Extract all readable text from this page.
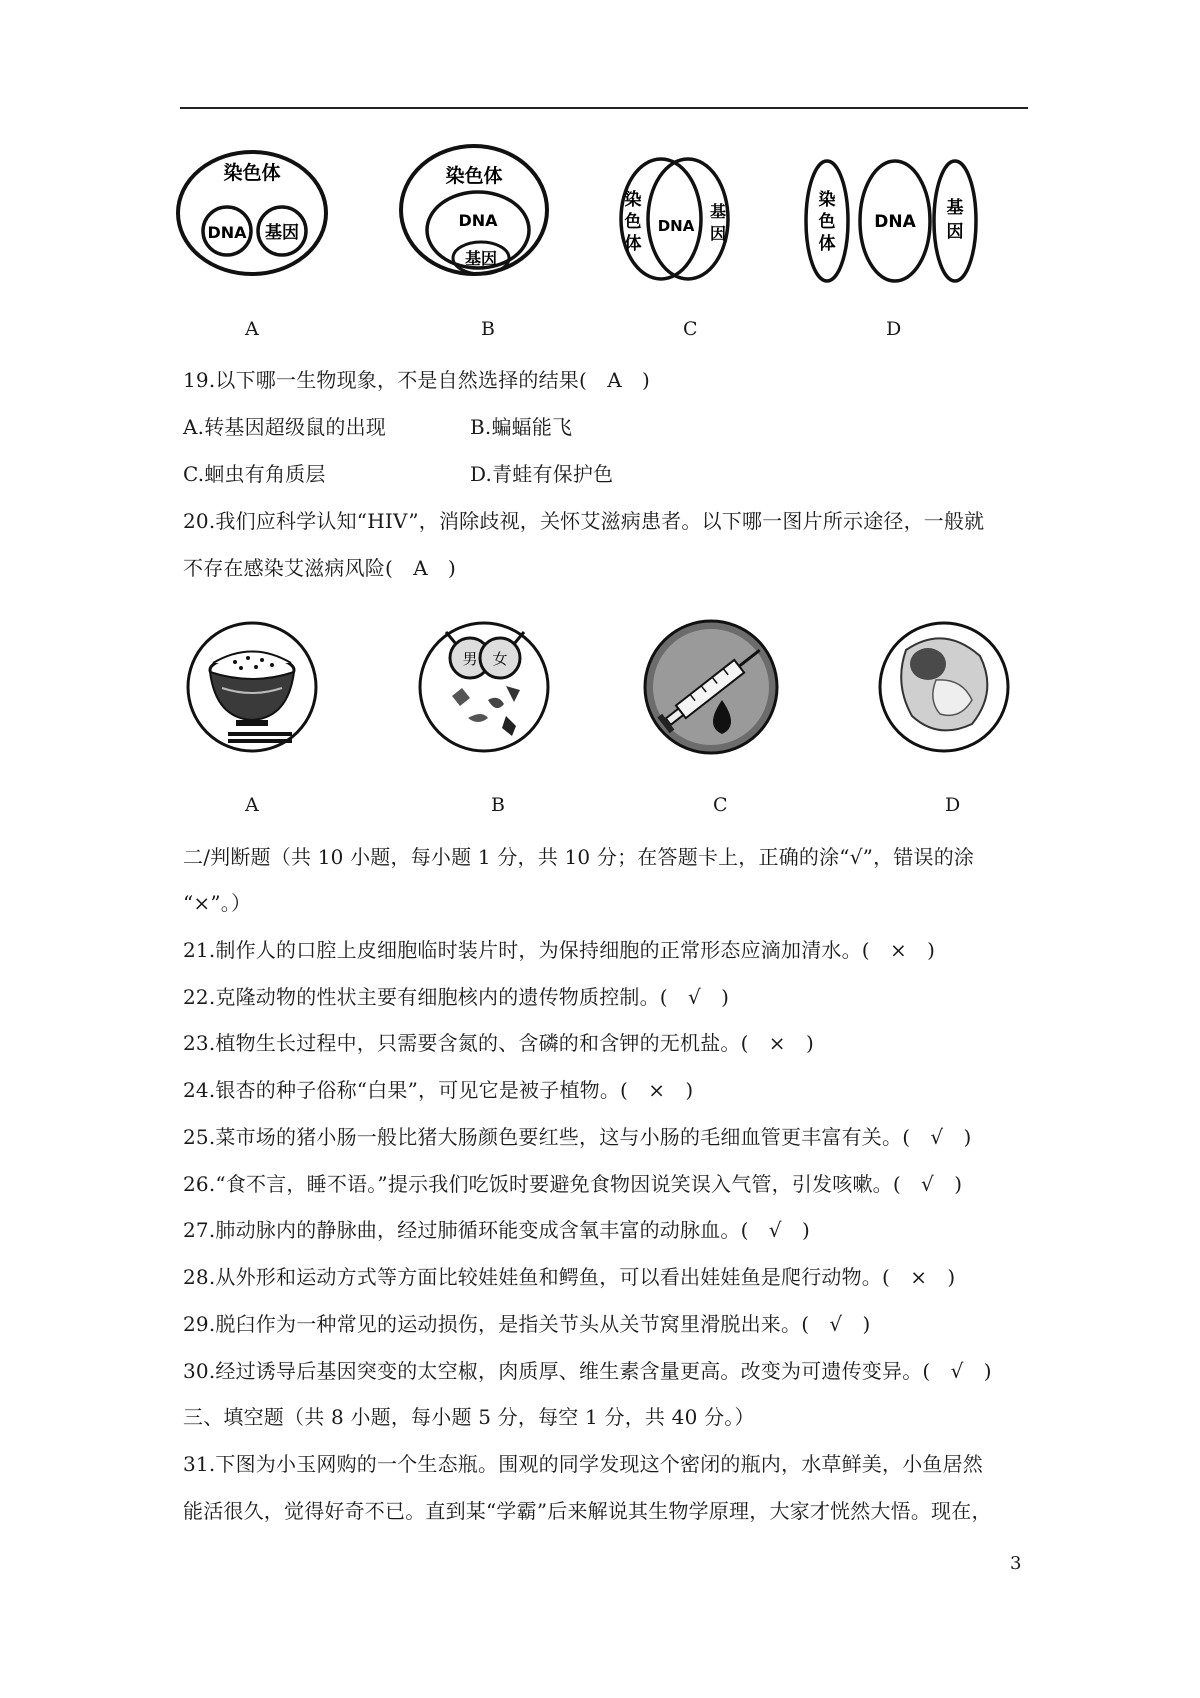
染色体
DNA 基因
染色体
DNA
基因
染
色
体
DNA
基
因
染
色
体
DNA
基
因
A	B	C	D
19.以下哪一生物现象，不是自然选择的结果(　A　)
A.转基因超级鼠的出现	B.蝙蝠能飞
C.蛔虫有角质层	D.青蛙有保护色
20.我们应科学认知“HIV”，消除歧视，关怀艾滋病患者。以下哪一图片所示途径，一般就
不存在感染艾滋病风险(　A　)
男 女
A	B	C	D
二/判断题（共 10 小题，每小题 1 分，共 10 分；在答题卡上，正确的涂“√”，错误的涂
“×”。）
21.制作人的口腔上皮细胞临时装片时，为保持细胞的正常形态应滴加清水。(　×　)
22.克隆动物的性状主要有细胞核内的遗传物质控制。(　√　)
23.植物生长过程中，只需要含氮的、含磷的和含钾的无机盐。(　×　)
24.银杏的种子俗称“白果”，可见它是被子植物。(　×　)
25.菜市场的猪小肠一般比猪大肠颜色要红些，这与小肠的毛细血管更丰富有关。(　√　)
26.“食不言，睡不语。”提示我们吃饭时要避免食物因说笑误入气管，引发咳嗽。(　√　)
27.肺动脉内的静脉曲，经过肺循环能变成含氧丰富的动脉血。(　√　)
28.从外形和运动方式等方面比较娃娃鱼和鳄鱼，可以看出娃娃鱼是爬行动物。(　×　)
29.脱臼作为一种常见的运动损伤，是指关节头从关节窝里滑脱出来。(　√　)
30.经过诱导后基因突变的太空椒，肉质厚、维生素含量更高。改变为可遗传变异。(　√　)
三、填空题（共 8 小题，每小题 5 分，每空 1 分，共 40 分。）
31.下图为小玉网购的一个生态瓶。围观的同学发现这个密闭的瓶内，水草鲜美，小鱼居然
能活很久，觉得好奇不已。直到某“学霸”后来解说其生物学原理，大家才恍然大悟。现在，
3
